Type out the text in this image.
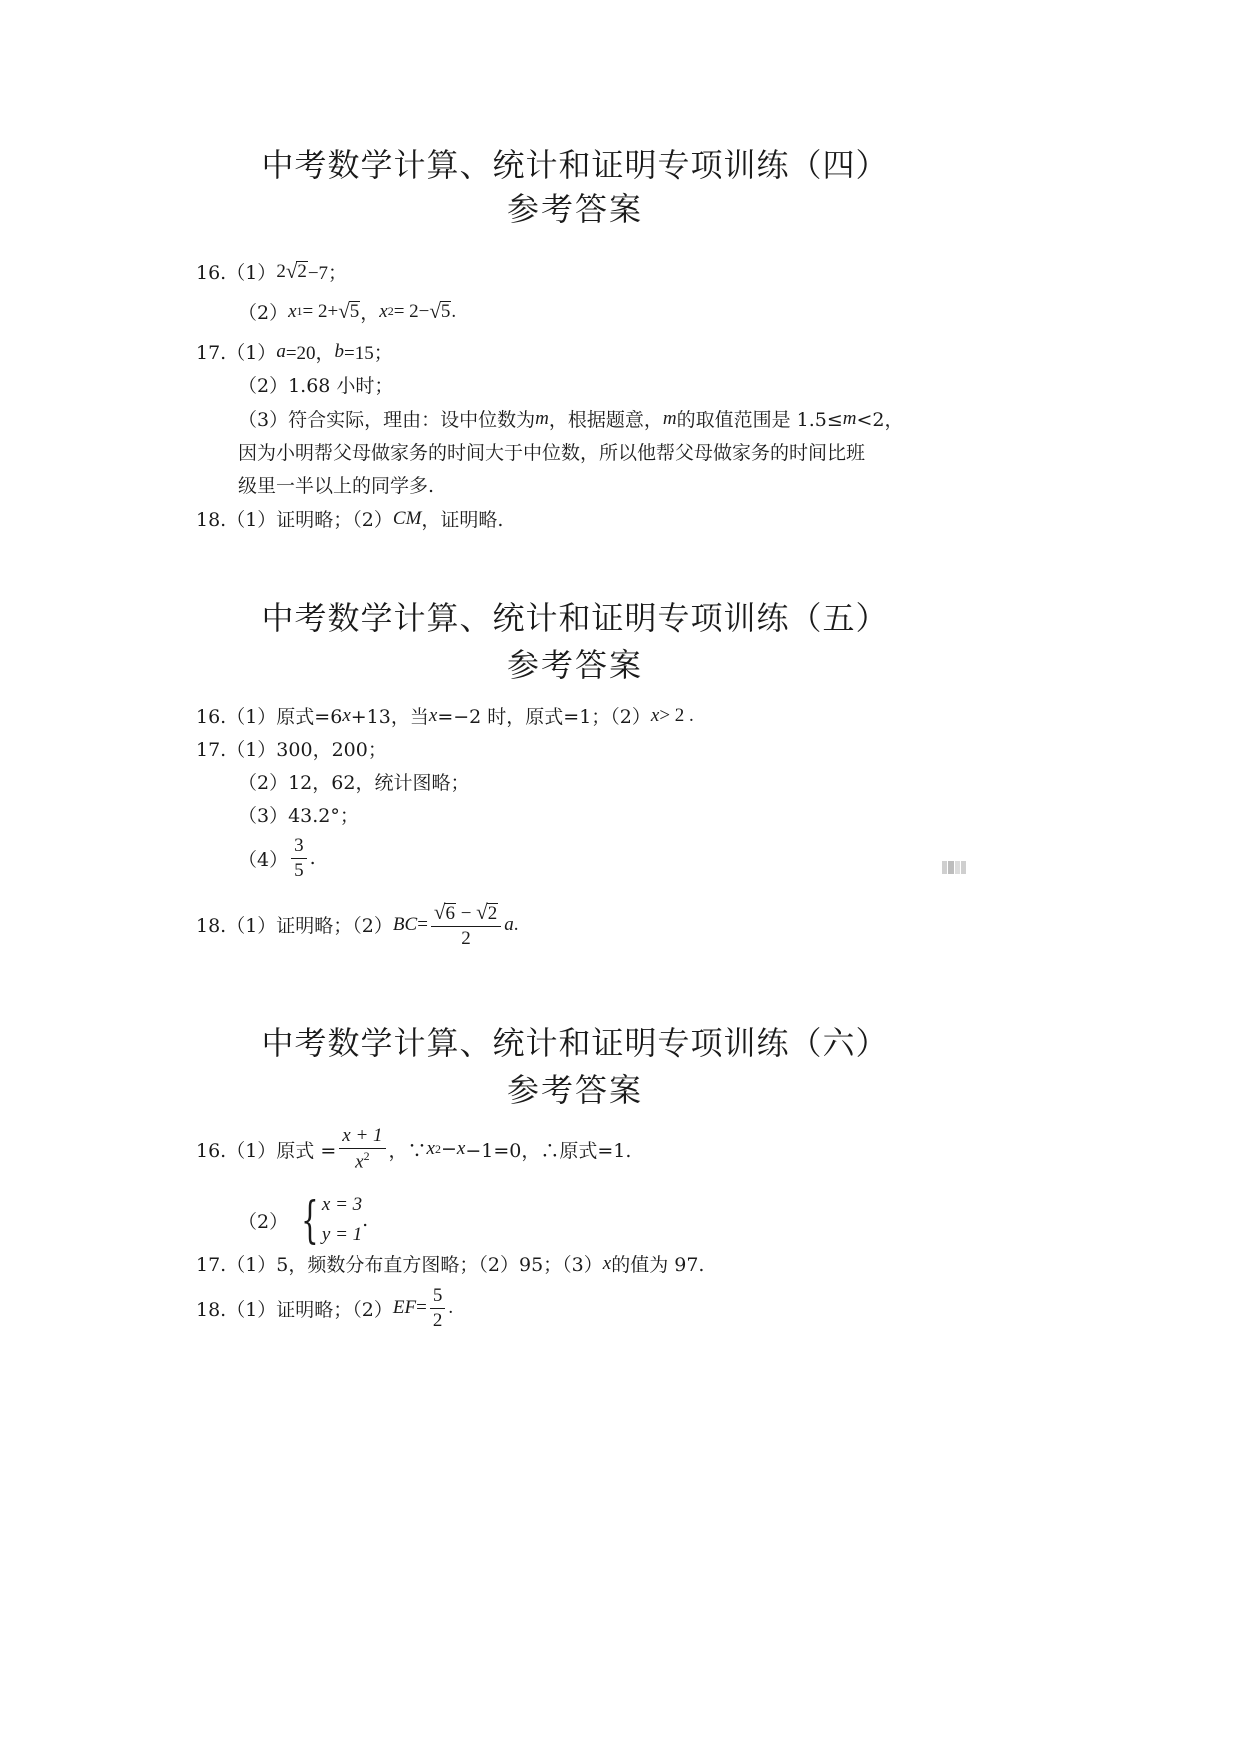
中考数学计算、统计和证明专项训练（四）
参考答案
16.（1） 2 √ 2 −7；
（2） x 1 = 2+ √ 5 ， x 2 = 2− √ 5 .
17.（1） a =20， b =15；
（2）1.68 小时；
（3）符合实际，理由：设中位数为 m ，根据题意， m 的取值范围是 1.5≤ m <2，
因为小明帮父母做家务的时间大于中位数，所以他帮父母做家务的时间比班
级里一半以上的同学多.
18.（1）证明略；（2） CM ，证明略.
中考数学计算、统计和证明专项训练（五）
参考答案
16.（1）原式=6 x +13，当 x =−2 时，原式=1；（2） x > 2 .
17.（1）300，200；
（2）12，62，统计图略；
（3）43.2°；
$(4) \frac{3}{5}$ .
18.（1）证明略；（2） BC = $\frac{√6 - √2}{2}$ a .
中考数学计算、统计和证明专项训练（六）
参考答案
16.（1）原式 = $\frac{x + 1}{x^2}$ ，∵ x 2 − x −1=0，∴原式=1.
（2） { x = 3
y = 1
.
17.（1）5，频数分布直方图略；（2）95；（3） x 的值为 97.
18.（1）证明略；（2） EF = $\frac{5}{2}$ .
